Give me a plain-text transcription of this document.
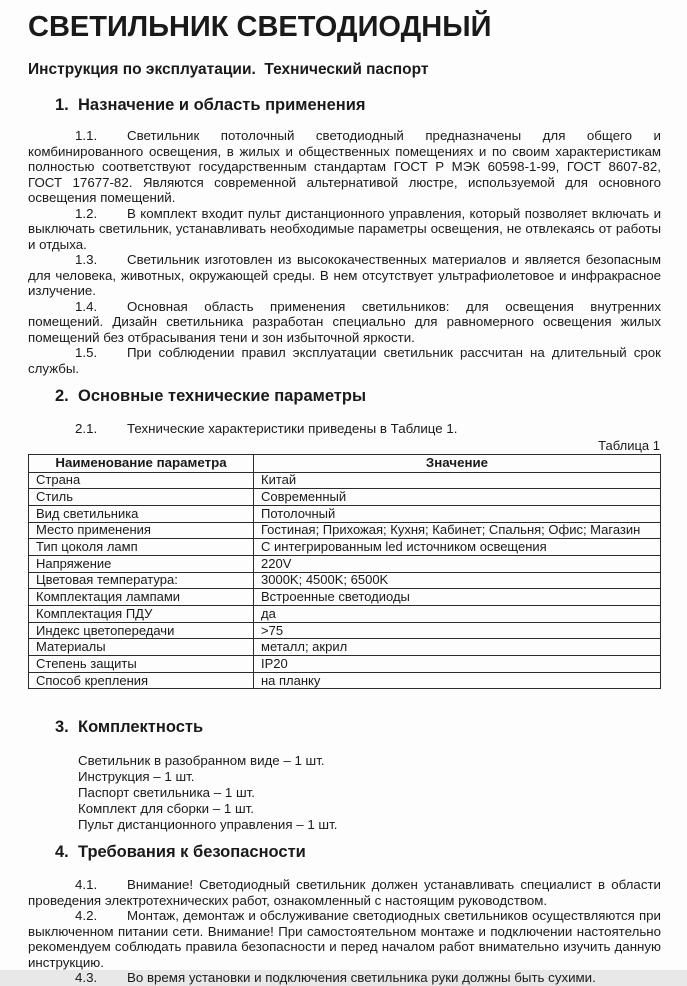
СВЕТИЛЬНИК СВЕТОДИОДНЫЙ
Инструкция по эксплуатации.  Технический паспорт
1. Назначение и область применения

1.1. Светильник потолочный светодиодный предназначены для общего и комбинированного освещения, в жилых и общественных помещениях и по своим характеристикам полностью соответствуют государственным стандартам ГОСТ Р МЭК 60598-1-99, ГОСТ 8607-82, ГОСТ 17677-82. Являются современной альтернативой люстре, используемой для основного освещения помещений.

1.2. В комплект входит пульт дистанционного управления, который позволяет включать и выключать светильник, устанавливать необходимые параметры освещения, не отвлекаясь от работы и отдыха.

1.3. Светильник изготовлен из высококачественных материалов и является безопасным для человека, животных, окружающей среды. В нем отсутствует ультрафиолетовое и инфракрасное излучение.

1.4. Основная область применения светильников: для освещения внутренних помещений. Дизайн светильника разработан специально для равномерного освещения жилых помещений без отбрасывания тени и зон избыточной яркости.

1.5. При соблюдении правил эксплуатации светильник рассчитан на длительный срок службы.

2. Основные технические параметры

2.1. Технические характеристики приведены в Таблице 1.

Таблица 1
Наименование параметра	Значение
Страна	Китай
Стиль	Современный
Вид светильника	Потолочный
Место применения	Гостиная; Прихожая; Кухня; Кабинет; Спальня; Офис; Магазин
Тип цоколя ламп	С интегрированным led источником освещения
Напряжение	220V
Цветовая температура:	3000K; 4500K; 6500K
Комплектация лампами	Встроенные светодиоды
Комплектация ПДУ	да
Индекс цветопередачи	>75
Материалы	металл; акрил
Степень защиты	IP20
Способ крепления	на планку
3. Комплектность
Светильник в разобранном виде – 1 шт.
Инструкция – 1 шт.
Паспорт светильника – 1 шт.
Комплект для сборки – 1 шт.
Пульт дистанционного управления – 1 шт.
4. Требования к безопасности

4.1. Внимание! Светодиодный светильник должен устанавливать специалист в области проведения электротехнических работ, ознакомленный с настоящим руководством.

4.2. Монтаж, демонтаж и обслуживание светодиодных светильников осуществляются при выключенном питании сети. Внимание! При самостоятельном монтаже и подключении настоятельно рекомендуем соблюдать правила безопасности и перед началом работ внимательно изучить данную инструкцию.

4.3. Во время установки и подключения светильника руки должны быть сухими.
